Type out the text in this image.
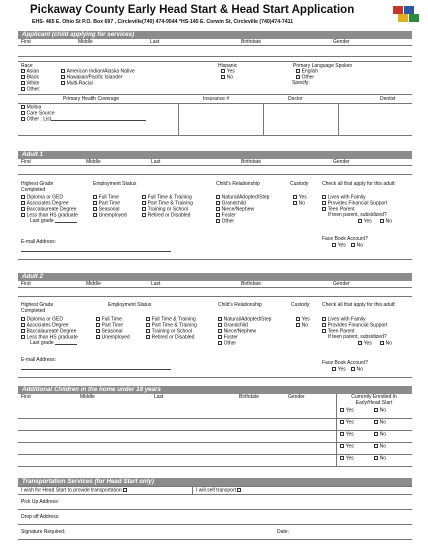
Pickaway County Early Head Start & Head Start Application
EHS- 465 E. Ohio St P.O. Box 697 , Circleville(740) 474-9544 *HS-145 E. Corwin St, Circleville (740)474-7411
Applicant (child applying for services)
First	Middle	Last	Birthdate	Gender
Race
Asian
Black
White
Other:
American Indian/Alaska Native
Hawaiian/Pacific Islander
Multi-Racial
Hispanic
Yes
No
Primary Language Spoken
English
Other
Specify:
Primary Health Coverage	Insurance #	Doctor	Dentist
Molina
Care Source
Other : List
Adult 1
First	Middle	Last	Birthdate	Gender
Highest Grade Completed
Diploma or GED
Associates Degree
Baccalaureate Degree
Less than HS graduate
Last grade
Employment Status
Full Time
Part Time
Seasonal
Unemployed
Full Time & Training
Part Time & Training
Training or School
Retired or Disabled
Child's Relationship
Natural/Adopted/Step
Grandchild
Niece/Nephew
Foster
Other
Custody
Yes
No
Check all that apply for this adult:
Lives with Family
Provides Financial Support
Teen Parent
If teen parent, subsidized?
Yes	No
E-mail Address:	Face Book Account?
Yes	No
Adult 2
First	Middle	Last	Birthdate	Gender
Highest Grade Completed
Diploma or GED
Associates Degree
Baccalaureate Degree
Less than HS graduate
Last grade
Employment Status
Full Time
Part Time
Seasonal
Unemployed
Full Time & Training
Part Time & Training
Training or School
Retired or Disabled
Child's Relationship
Natural/Adopted/Step
Grandchild
Niece/Nephew
Foster
Other
Custody
Yes
No
Check all that apply for this adult:
Lives with Family
Provides Financial Support
Teen Parent
If teen parent, subsidized?
Yes	No
E-mail Address:	Face Book Account?
Yes	No
Additional Children in the home under 18 years
First	Middle	Last	Birthdate	Gender	Currently Enrolled In Early/Head Start
Yes	No
Yes	No
Yes	No
Yes	No
Yes	No
Transportation Services (for Head Start only)
I wish for Head Start to provide transportation	I will self transport
Pick Up Address:
Drop off Address:
Signature Required:	Date:
